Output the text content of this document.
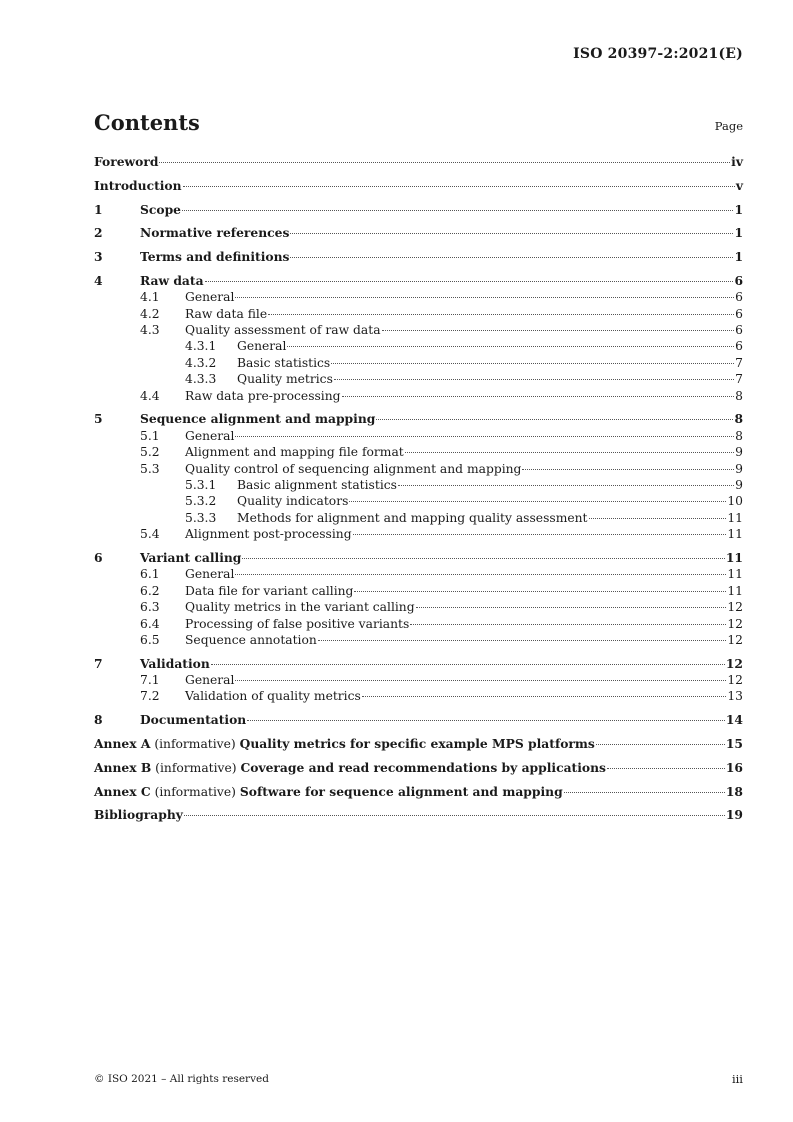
ISO 20397-2:2021(E)
Contents	Page
Foreword	iv
Introduction	v
1	Scope	1
2	Normative references	1
3	Terms and definitions	1
4	Raw data	6
4.1	General	6
4.2	Raw data file	6
4.3	Quality assessment of raw data	6
4.3.1	General	6
4.3.2	Basic statistics	7
4.3.3	Quality metrics	7
4.4	Raw data pre-processing	8
5	Sequence alignment and mapping	8
5.1	General	8
5.2	Alignment and mapping file format	9
5.3	Quality control of sequencing alignment and mapping	9
5.3.1	Basic alignment statistics	9
5.3.2	Quality indicators	10
5.3.3	Methods for alignment and mapping quality assessment	11
5.4	Alignment post-processing	11
6	Variant calling	11
6.1	General	11
6.2	Data file for variant calling	11
6.3	Quality metrics in the variant calling	12
6.4	Processing of false positive variants	12
6.5	Sequence annotation	12
7	Validation	12
7.1	General	12
7.2	Validation of quality metrics	13
8	Documentation	14
Annex A (informative) Quality metrics for specific example MPS platforms	15
Annex B (informative) Coverage and read recommendations by applications	16
Annex C (informative) Software for sequence alignment and mapping	18
Bibliography	19
© ISO 2021 – All rights reserved	iii
